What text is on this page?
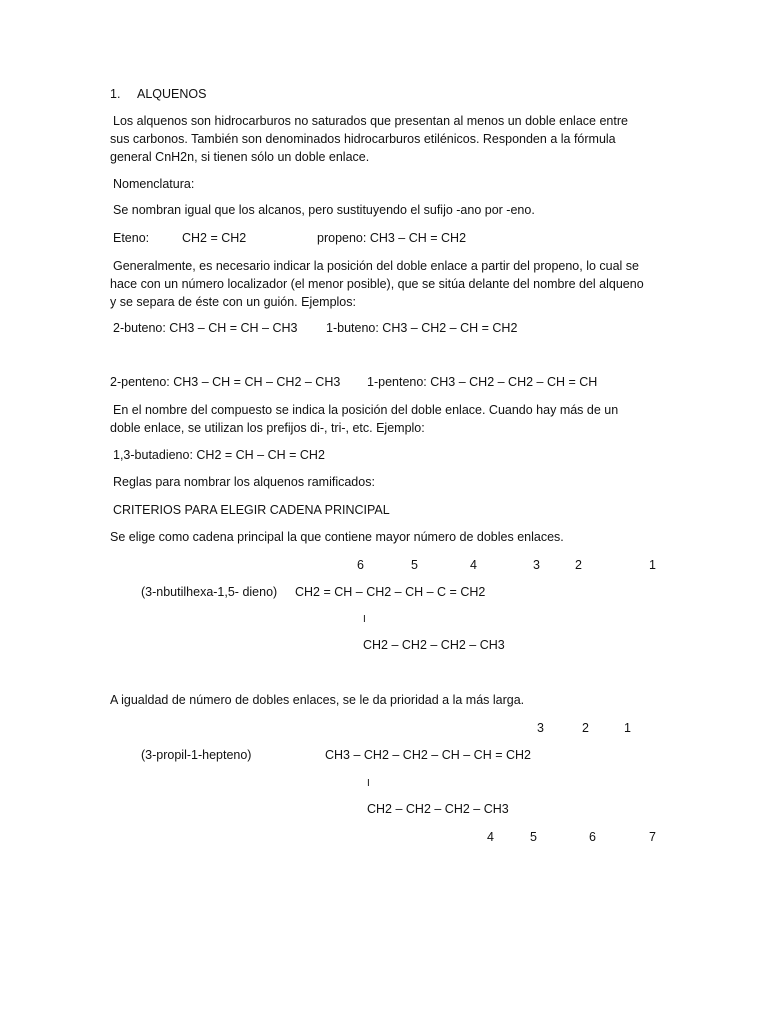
1. ALQUENOS
Los alquenos son hidrocarburos no saturados que presentan al menos un doble enlace entre sus carbonos. También son denominados hidrocarburos etilénicos. Responden a la fórmula general CnH2n, si tienen sólo un doble enlace.
Nomenclatura:
Se nombran igual que los alcanos, pero sustituyendo el sufijo -ano por -eno.
Eteno:	CH2 = CH2	propeno: CH3 – CH = CH2
Generalmente, es necesario indicar la posición del doble enlace a partir del propeno, lo cual se hace con un número localizador (el menor posible), que se sitúa delante del nombre del alqueno y se separa de éste con un guión. Ejemplos:
2-buteno: CH3 – CH = CH – CH3 1-buteno: CH3 – CH2 – CH = CH2
2-penteno: CH3 – CH = CH – CH2 – CH3 1-penteno: CH3 – CH2 – CH2 – CH = CH
En el nombre del compuesto se indica la posición del doble enlace. Cuando hay más de un doble enlace, se utilizan los prefijos di-, tri-, etc. Ejemplo:
1,3-butadieno: CH2 = CH – CH = CH2
Reglas para nombrar los alquenos ramificados:
CRITERIOS PARA ELEGIR CADENA PRINCIPAL
Se elige como cadena principal la que contiene mayor número de dobles enlaces.
6	5	4	3	2	1
(3-nbutilhexa-1,5- dieno) CH2 = CH – CH2 – CH – C = CH2
I
CH2 – CH2 – CH2 – CH3
A igualdad de número de dobles enlaces, se le da prioridad a la más larga.
3	2	1
(3-propil-1-hepteno)	CH3 – CH2 – CH2 – CH – CH = CH2
I
CH2 – CH2 – CH2 – CH3
4	5	6	7
